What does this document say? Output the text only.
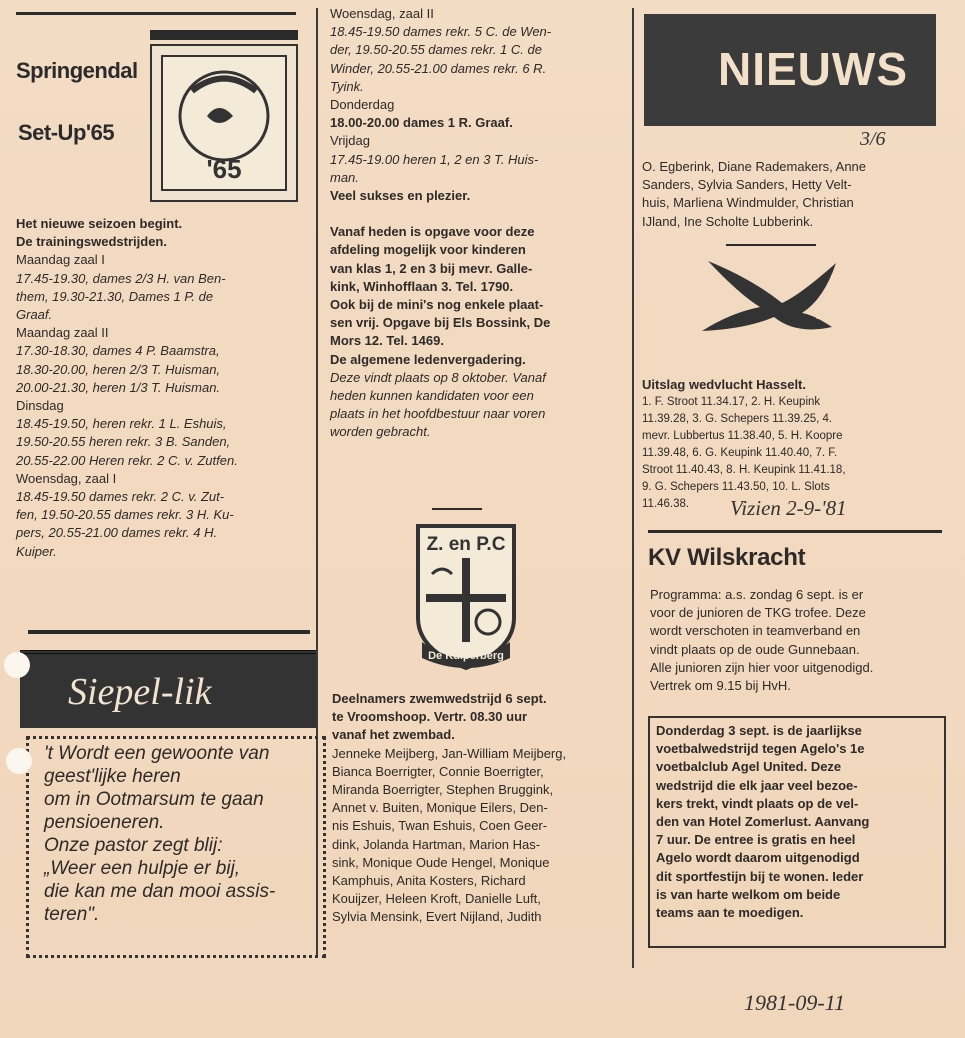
Springendal
Set-Up'65
'65

Het nieuwe seizoen begint.

De trainingswedstrijden.

Maandag zaal I

17.45-19.30, dames 2/3 H. van Ben-

them, 19.30-21.30, Dames 1 P. de

Graaf.

Maandag zaal II

17.30-18.30, dames 4 P. Baamstra,

18.30-20.00, heren 2/3 T. Huisman,

20.00-21.30, heren 1/3 T. Huisman.

Dinsdag

18.45-19.50, heren rekr. 1 L. Eshuis,

19.50-20.55 heren rekr. 3 B. Sanden,

20.55-22.00 Heren rekr. 2 C. v. Zutfen.

Woensdag, zaal I

18.45-19.50 dames rekr. 2 C. v. Zut-

fen, 19.50-20.55 dames rekr. 3 H. Ku-

pers, 20.55-21.00 dames rekr. 4 H.

Kuiper.

Siepel-lik

't Wordt een gewoonte van

geest'lijke heren

om in Ootmarsum te gaan

pensioeneren.

Onze pastor zegt blij:

„Weer een hulpje er bij,

die kan me dan mooi assis-

teren".

Woensdag, zaal II

18.45-19.50 dames rekr. 5 C. de Wen-

der, 19.50-20.55 dames rekr. 1 C. de

Winder, 20.55-21.00 dames rekr. 6 R.

Tyink.

Donderdag

18.00-20.00 dames 1 R. Graaf.

Vrijdag

17.45-19.00 heren 1, 2 en 3 T. Huis-

man.

Veel sukses en plezier.

Vanaf heden is opgave voor deze

afdeling mogelijk voor kinderen

van klas 1, 2 en 3 bij mevr. Galle-

kink, Winhofflaan 3. Tel. 1790.

Ook bij de mini's nog enkele plaat-

sen vrij. Opgave bij Els Bossink, De

Mors 12. Tel. 1469.

De algemene ledenvergadering.

Deze vindt plaats op 8 oktober. Vanaf

heden kunnen kandidaten voor een

plaats in het hoofdbestuur naar voren

worden gebracht.

Z. en P.C
De Kuiperberg

Deelnamers zwemwedstrijd 6 sept.

te Vroomshoop. Vertr. 08.30 uur

vanaf het zwembad.

Jenneke Meijberg, Jan-William Meijberg,

Bianca Boerrigter, Connie Boerrigter,

Miranda Boerrigter, Stephen Bruggink,

Annet v. Buiten, Monique Eilers, Den-

nis Eshuis, Twan Eshuis, Coen Geer-

dink, Jolanda Hartman, Marion Has-

sink, Monique Oude Hengel, Monique

Kamphuis, Anita Kosters, Richard

Kouijzer, Heleen Kroft, Danielle Luft,

Sylvia Mensink, Evert Nijland, Judith

NIEUWS
3/6

O. Egberink, Diane Rademakers, Anne

Sanders, Sylvia Sanders, Hetty Velt-

huis, Marliena Windmulder, Christian

IJland, Ine Scholte Lubberink.

Uitslag wedvlucht Hasselt.

1. F. Stroot 11.34.17, 2. H. Keupink

11.39.28, 3. G. Schepers 11.39.25, 4.

mevr. Lubbertus 11.38.40, 5. H. Koopre

11.39.48, 6. G. Keupink 11.40.40, 7. F.

Stroot 11.40.43, 8. H. Keupink 11.41.18,

9. G. Schepers 11.43.50, 10. L. Slots

11.46.38.	Vizien 2-9-'81
KV Wilskracht

Programma: a.s. zondag 6 sept. is er

voor de junioren de TKG trofee. Deze

wordt verschoten in teamverband en

vindt plaats op de oude Gunnebaan.

Alle junioren zijn hier voor uitgenodigd.

Vertrek om 9.15 bij HvH.

Donderdag 3 sept. is de jaarlijkse

voetbalwedstrijd tegen Agelo's 1e

voetbalclub Agel United. Deze

wedstrijd die elk jaar veel bezoe-

kers trekt, vindt plaats op de vel-

den van Hotel Zomerlust. Aanvang

7 uur. De entree is gratis en heel

Agelo wordt daarom uitgenodigd

dit sportfestijn bij te wonen. Ieder

is van harte welkom om beide

teams aan te moedigen.

1981-09-11
